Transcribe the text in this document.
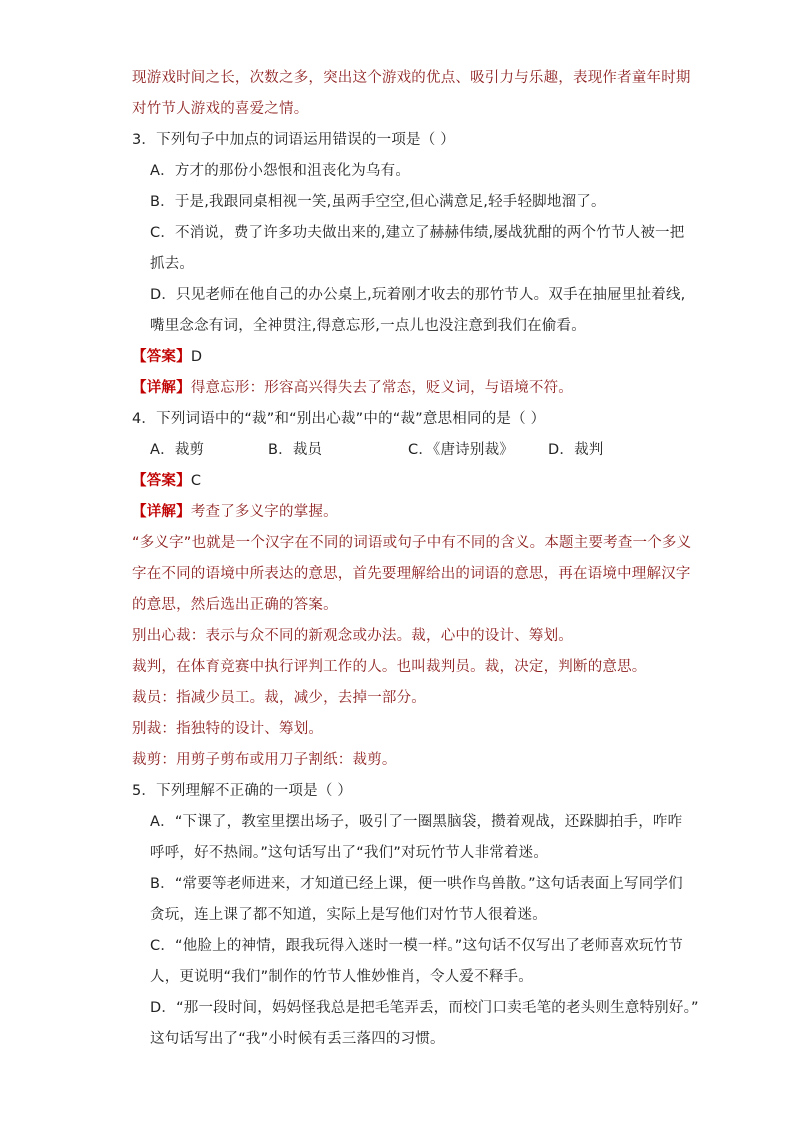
现游戏时间之长，次数之多，突出这个游戏的优点、吸引力与乐趣，表现作者童年时期
对竹节人游戏的喜爱之情。
3．下列句子中加点的词语运用错误的一项是（ ）
A．方才的那份小怨恨和沮丧化为乌有。
B．于是,我跟同桌相视一笑,虽两手空空,但心满意足,轻手轻脚地溜了。
C．不消说，费了许多功夫做出来的,建立了赫赫伟绩,屡战犹酣的两个竹节人被一把
抓去。
D．只见老师在他自己的办公桌上,玩着刚才收去的那竹节人。双手在抽屉里扯着线,
嘴里念念有词，全神贯注,得意忘形,一点儿也没注意到我们在偷看。
【答案】D
【详解】得意忘形：形容高兴得失去了常态，贬义词，与语境不符。
4．下列词语中的“裁”和“别出心裁”中的“裁”意思相同的是（ ）
A．裁剪	B．裁员	C．《唐诗别裁》 D．裁判
【答案】C
【详解】考查了多义字的掌握。
“多义字”也就是一个汉字在不同的词语或句子中有不同的含义。本题主要考查一个多义
字在不同的语境中所表达的意思，首先要理解给出的词语的意思，再在语境中理解汉字
的意思，然后选出正确的答案。
别出心裁：表示与众不同的新观念或办法。裁，心中的设计、筹划。
裁判，在体育竞赛中执行评判工作的人。也叫裁判员。裁，决定，判断的意思。
裁员：指减少员工。裁，减少，去掉一部分。
别裁：指独特的设计、筹划。
裁剪：用剪子剪布或用刀子割纸：裁剪。
5．下列理解不正确的一项是（ ）
A．“下课了，教室里摆出场子，吸引了一圈黑脑袋，攒着观战，还跺脚拍手，咋咋
呼呼，好不热闹。”这句话写出了“我们”对玩竹节人非常着迷。
B．“常要等老师进来，才知道已经上课，便一哄作鸟兽散。”这句话表面上写同学们
贪玩，连上课了都不知道，实际上是写他们对竹节人很着迷。
C．“他脸上的神情，跟我玩得入迷时一模一样。”这句话不仅写出了老师喜欢玩竹节
人，更说明“我们”制作的竹节人惟妙惟肖，令人爱不释手。
D．“那一段时间，妈妈怪我总是把毛笔弄丢，而校门口卖毛笔的老头则生意特别好。”
这句话写出了“我”小时候有丢三落四的习惯。
